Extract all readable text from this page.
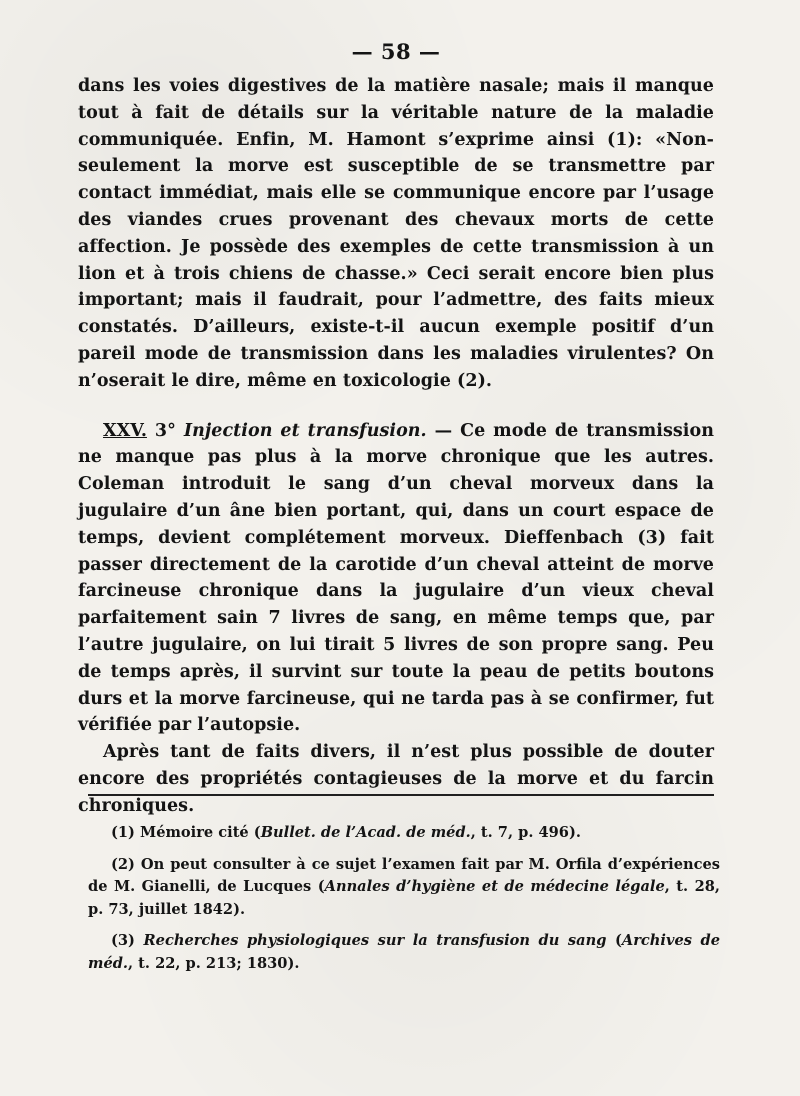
— 58 —

dans les voies digestives de la matière nasale; mais il manque tout à fait de détails sur la véritable nature de la maladie communiquée. Enfin, M. Hamont s’exprime ainsi (1): «Non-seulement la morve est susceptible de se transmettre par contact immédiat, mais elle se communique encore par l’usage des viandes crues provenant des chevaux morts de cette affection. Je possède des exemples de cette transmission à un lion et à trois chiens de chasse.» Ceci serait encore bien plus important; mais il faudrait, pour l’admettre, des faits mieux constatés. D’ailleurs, existe-t-il aucun exemple positif d’un pareil mode de transmission dans les maladies virulentes? On n’oserait le dire, même en toxicologie (2).

XXV. 3° Injection et transfusion. — Ce mode de transmission ne manque pas plus à la morve chronique que les autres. Coleman introduit le sang d’un cheval morveux dans la jugulaire d’un âne bien portant, qui, dans un court espace de temps, devient complétement morveux. Dieffenbach (3) fait passer directement de la carotide d’un cheval atteint de morve farcineuse chronique dans la jugulaire d’un vieux cheval parfaitement sain 7 livres de sang, en même temps que, par l’autre jugulaire, on lui tirait 5 livres de son propre sang. Peu de temps après, il survint sur toute la peau de petits boutons durs et la morve farcineuse, qui ne tarda pas à se confirmer, fut vérifiée par l’autopsie.

Après tant de faits divers, il n’est plus possible de douter encore des propriétés contagieuses de la morve et du farcin chroniques.

(1) Mémoire cité (Bullet. de l’Acad. de méd., t. 7, p. 496).

(2) On peut consulter à ce sujet l’examen fait par M. Orfila d’expériences de M. Gianelli, de Lucques (Annales d’hygiène et de médecine légale, t. 28, p. 73, juillet 1842).

(3) Recherches physiologiques sur la transfusion du sang (Archives de méd., t. 22, p. 213; 1830).
